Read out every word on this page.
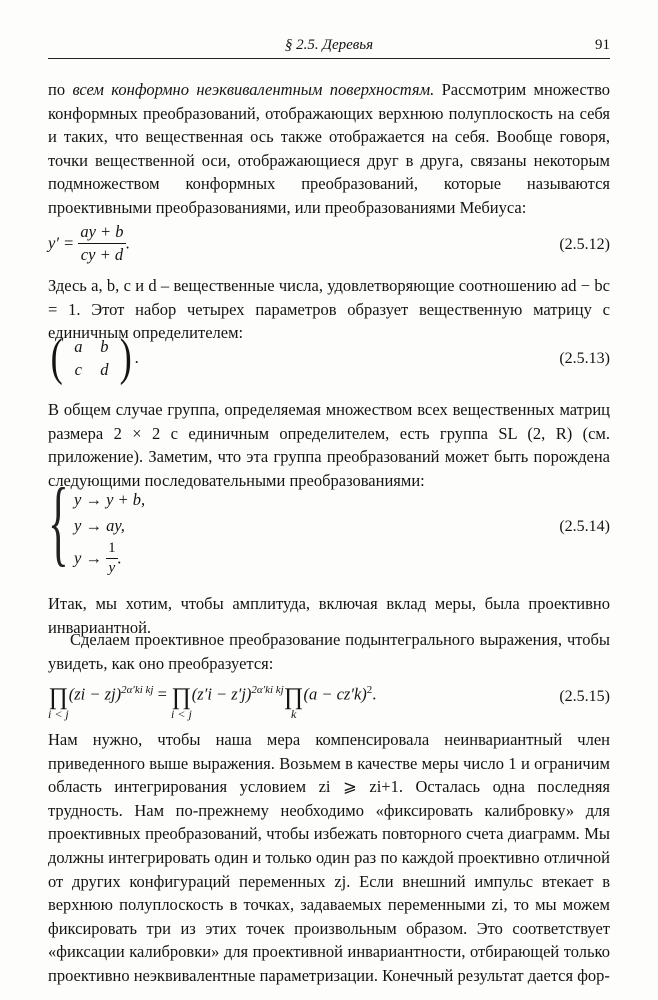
§ 2.5. Деревья	91
по всем конформно неэквивалентным поверхностям. Рассмотрим множество конформных преобразований, отображающих верхнюю полуплоскость на себя и таких, что вещественная ось также отображается на себя. Вообще говоря, точки вещественной оси, отображающиеся друг в друга, связаны некоторым подмножеством конформных преобразований, которые называются проективными преобразованиями, или преобразованиями Мебиуса:
$y' = \frac{ay + b}{cy + d}$ .	(2.5.12)
Здесь a, b, c и d – вещественные числа, удовлетворяющие соотношению ad − bc = 1. Этот набор четырех параметров образует вещественную матрицу с единичным определителем:
( a b
c d ) .	(2.5.13)
В общем случае группа, определяемая множеством всех вещественных матриц размера 2 × 2 с единичным определителем, есть группа SL (2, R) (см. приложение). Заметим, что эта группа преобразований может быть порождена следующими последовательными преобразованиями:
{ y → y + b,
y → ay,
$y \to \frac{1}{y}$ .
(2.5.14)
Итак, мы хотим, чтобы амплитуда, включая вклад меры, была проективно инвариантной.
Сделаем проективное преобразование подынтегрального выражения, чтобы увидеть, как оно преобразуется:
∏
i < j
(zi − zj)$^{2\alpha'ki kj}$ = ∏
i < j
$(z'i - z'j)^{2\alpha'ki kj}\prod$
k
$(a - cz'k)^2$.	(2.5.15)
Нам нужно, чтобы наша мера компенсировала неинвариантный член приведенного выше выражения. Возьмем в качестве меры число 1 и ограничим область интегрирования условием zi ⩾ zi+1. Осталась одна последняя трудность. Нам по-прежнему необходимо «фиксировать калибровку» для проективных преобразований, чтобы избежать повторного счета диаграмм. Мы должны интегрировать один и только один раз по каждой проективно отличной от других конфигураций переменных zj. Если внешний импульс втекает в верхнюю полуплоскость в точках, задаваемых переменными zi, то мы можем фиксировать три из этих точек произвольным образом. Это соответствует «фиксации калибровки» для проективной инвариантности, отбирающей только проективно неэквивалентные параметризации. Конечный результат дается фор-
